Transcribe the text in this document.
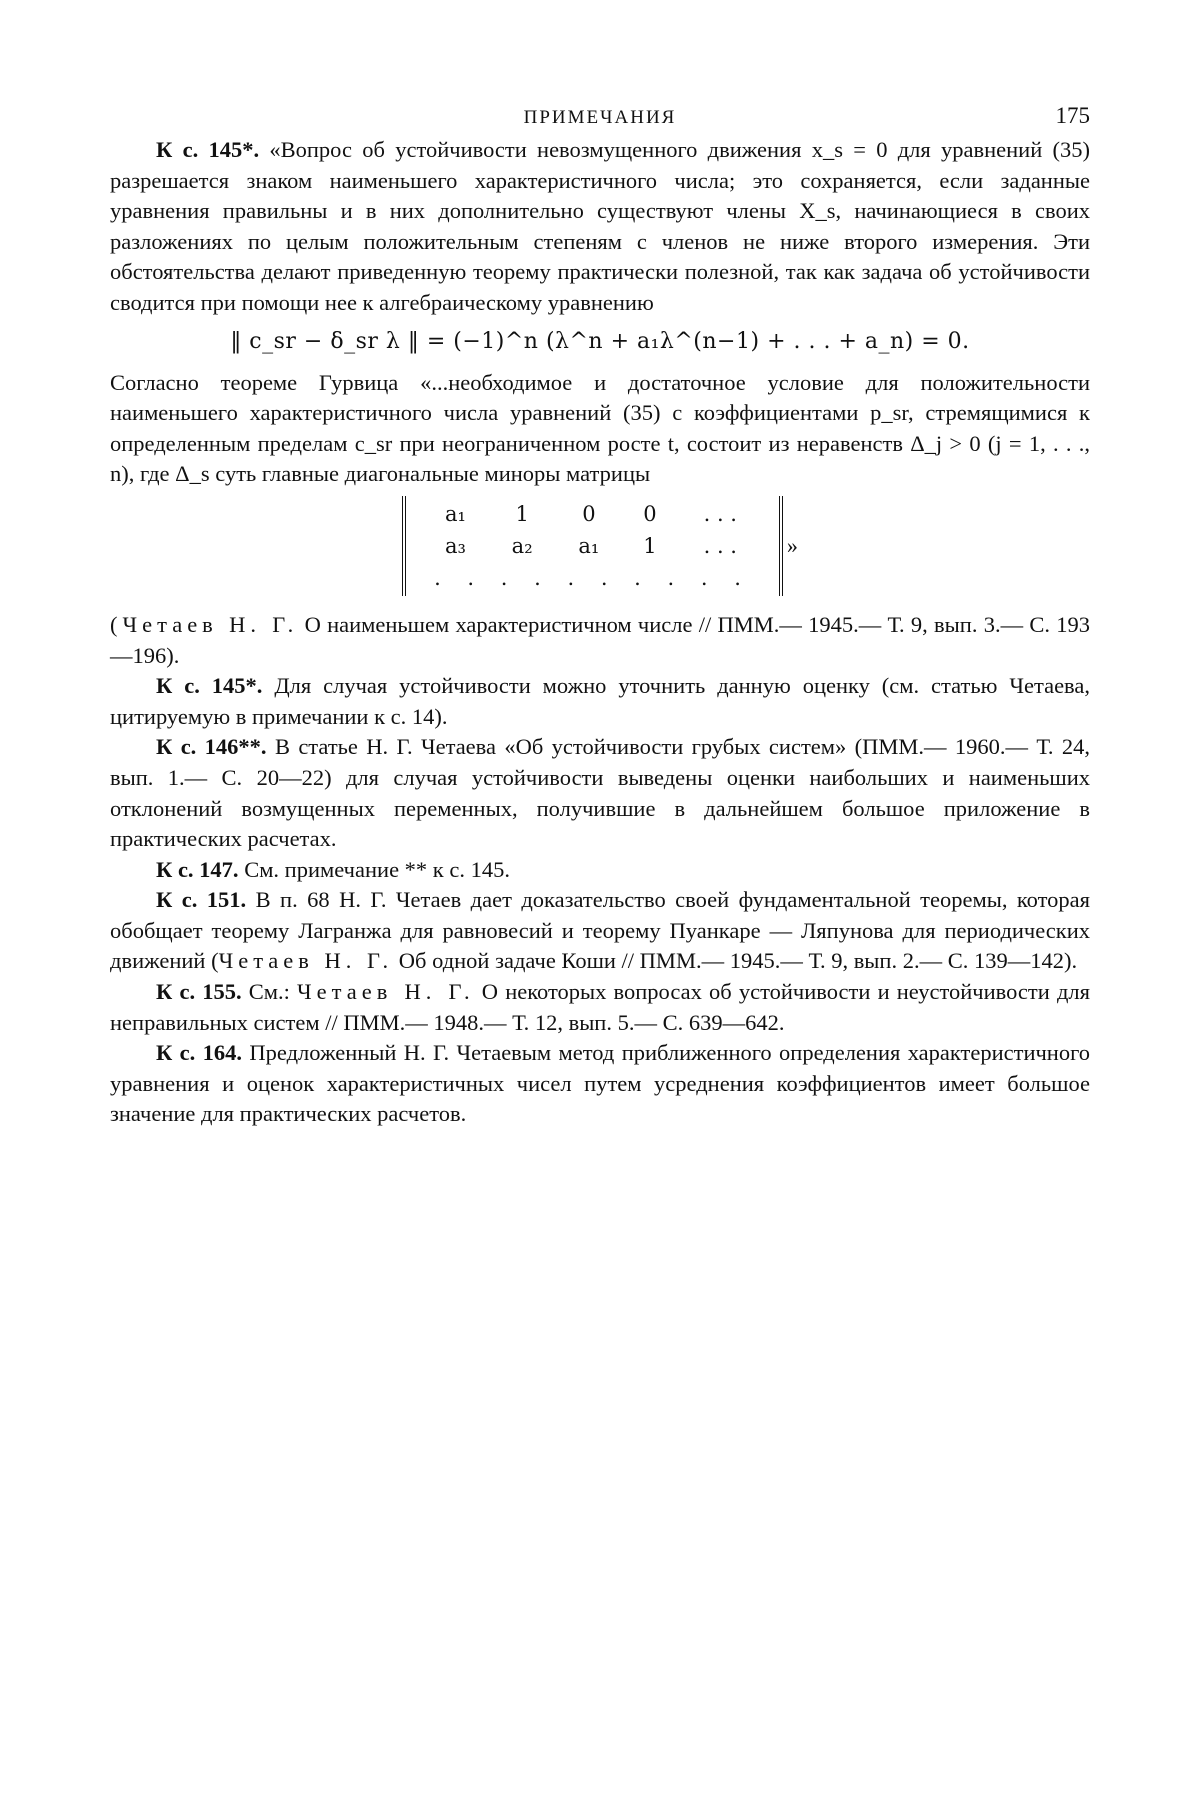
ПРИМЕЧАНИЯ	175

К с. 145*. «Вопрос об устойчивости невозмущенного движения x_s = 0 для уравнений (35) разрешается знаком наименьшего характеристичного числа; это сохраняется, если заданные уравнения правильны и в них дополнительно существуют члены X_s, начинающиеся в своих разложениях по целым положительным степеням с членов не ниже второго измерения. Эти обстоятельства делают приведенную теорему практически полезной, так как задача об устойчивости сводится при помощи нее к алгебраическому уравнению

‖ c_sr − δ_sr λ ‖ = (−1)^n (λ^n + a₁λ^(n−1) + . . . + a_n) = 0.

Согласно теореме Гурвица «...необходимое и достаточное условие для положительности наименьшего характеристичного числа уравнений (35) с коэффициентами p_sr, стремящимися к определенным пределам c_sr при неограниченном росте t, состоит из неравенств Δ_j > 0 (j = 1, . . ., n), где Δ_s суть главные диагональные миноры матрицы

a₁	1	0	0	. . .
a₃	a₂	a₁	1	. . .
. . . . . . . . . .				
»

(Четаев Н. Г. О наименьшем характеристичном числе // ПММ.— 1945.— Т. 9, вып. 3.— С. 193—196).

К с. 145*. Для случая устойчивости можно уточнить данную оценку (см. статью Четаева, цитируемую в примечании к с. 14).

К с. 146**. В статье Н. Г. Четаева «Об устойчивости грубых систем» (ПММ.— 1960.— Т. 24, вып. 1.— С. 20—22) для случая устойчивости выведены оценки наибольших и наименьших отклонений возмущенных переменных, получившие в дальнейшем большое приложение в практических расчетах.

К с. 147. См. примечание ** к с. 145.

К с. 151. В п. 68 Н. Г. Четаев дает доказательство своей фундаментальной теоремы, которая обобщает теорему Лагранжа для равновесий и теорему Пуанкаре — Ляпунова для периодических движений (Четаев Н. Г. Об одной задаче Коши // ПММ.— 1945.— Т. 9, вып. 2.— С. 139—142).

К с. 155. См.: Четаев Н. Г. О некоторых вопросах об устойчивости и неустойчивости для неправильных систем // ПММ.— 1948.— Т. 12, вып. 5.— С. 639—642.

К с. 164. Предложенный Н. Г. Четаевым метод приближенного определения характеристичного уравнения и оценок характеристичных чисел путем усреднения коэффициентов имеет большое значение для практических расчетов.
